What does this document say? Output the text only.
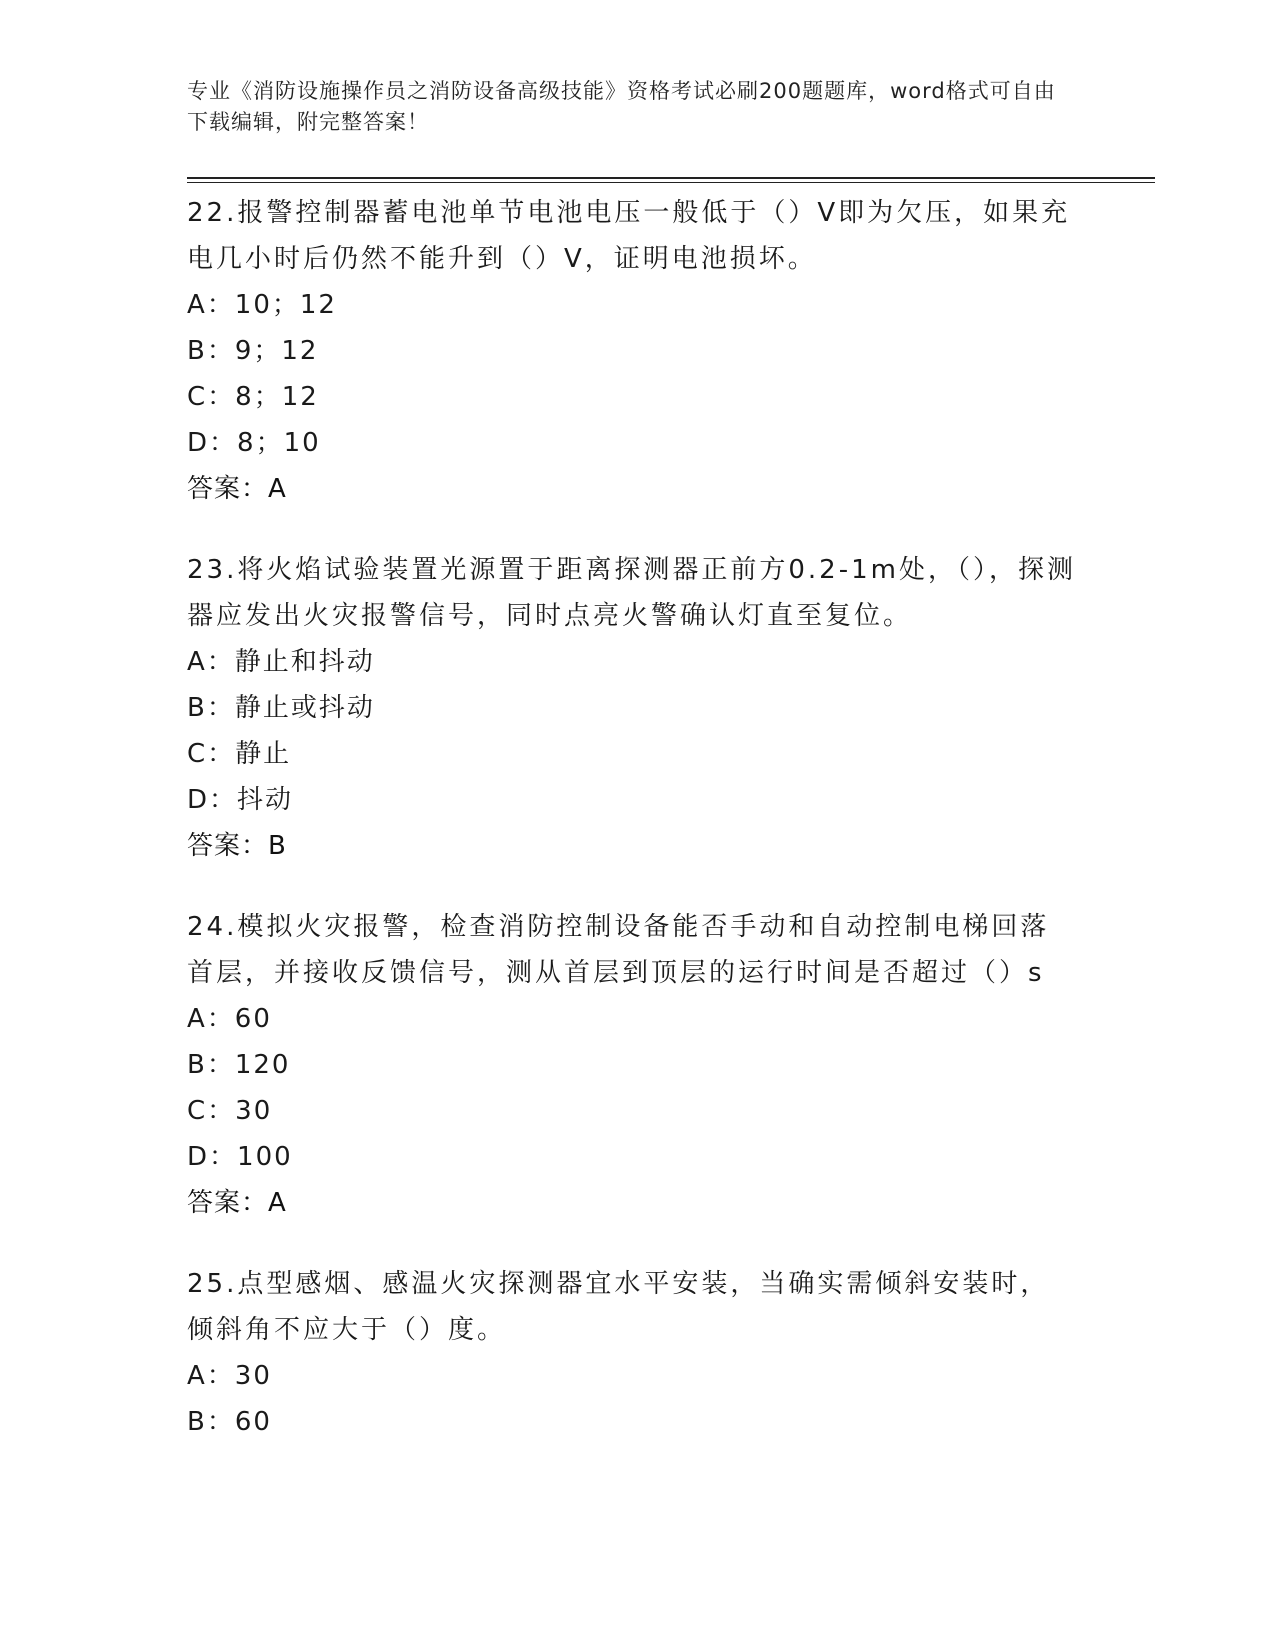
专业《消防设施操作员之消防设备高级技能》资格考试必刷200题题库，word格式可自由下载编辑，附完整答案！

22.报警控制器蓄电池单节电池电压一般低于（）V即为欠压，如果充电几小时后仍然不能升到（）V，证明电池损坏。

A：10；12

B：9；12

C：8；12

D：8；10

答案：A

23.将火焰试验装置光源置于距离探测器正前方0.2-1m处，（），探测器应发出火灾报警信号，同时点亮火警确认灯直至复位。

A：静止和抖动

B：静止或抖动

C：静止

D：抖动

答案：B

24.模拟火灾报警，检查消防控制设备能否手动和自动控制电梯回落首层，并接收反馈信号，测从首层到顶层的运行时间是否超过（）s

A：60

B：120

C：30

D：100

答案：A

25.点型感烟、感温火灾探测器宜水平安装，当确实需倾斜安装时，倾斜角不应大于（）度。

A：30

B：60
